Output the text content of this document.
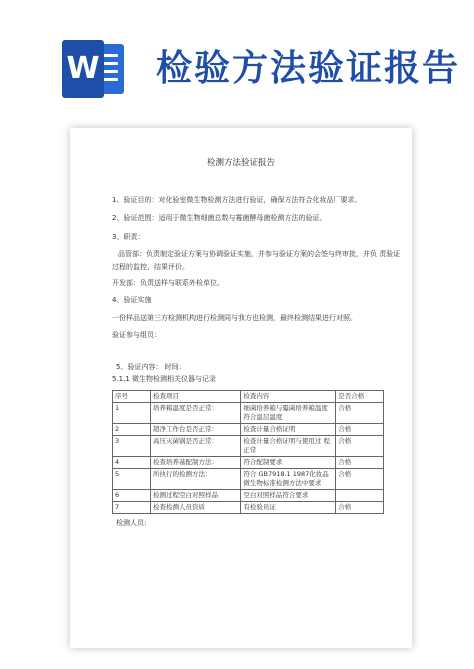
W 检验方法验证报告
检测方法验证报告
1、验证目的：对化验室微生物检测方法进行验证，确保方法符合化妆品厂要求。
2、验证范围：适用于微生物细菌总数与霉菌酵母菌检测方法的验证。
3、职责：
品管部：负责制定验证方案与协调验证实施，并参与验证方案的会签与终审批，并负 责验证
过程的监控、结果评价。
开发部：负责送样与联系外检单位。
4、验证实施
一份样品送第三方检测机构进行检测同与我方也检测，最终检测结果进行对照。
验证参与组员：
5、验证内容： 时间：
5.1.1 微生物检测相关仪器与记录
序号	检查项目	检查内容	是否合格
1	培养箱温度是否正常：	细菌培养箱与霉菌培养箱温度符合温层温度	合格
2	超净工作台是否正常：	检查计量合格证明	合格
3	高压灭菌锅是否正常：	检查计量合格证明与使用过 程正常	合格
4	检查培养基配制方法：	符合配制要求	合格
5	所执行的检测方法：	符合 GB7918.1 1987化妆品 微生物标准检测方法中要求	合格
6	检测过程空白对照样品	空白对照样品符合要求	
7	检查检测人员资质	有检验员证	合格
检测人员:
